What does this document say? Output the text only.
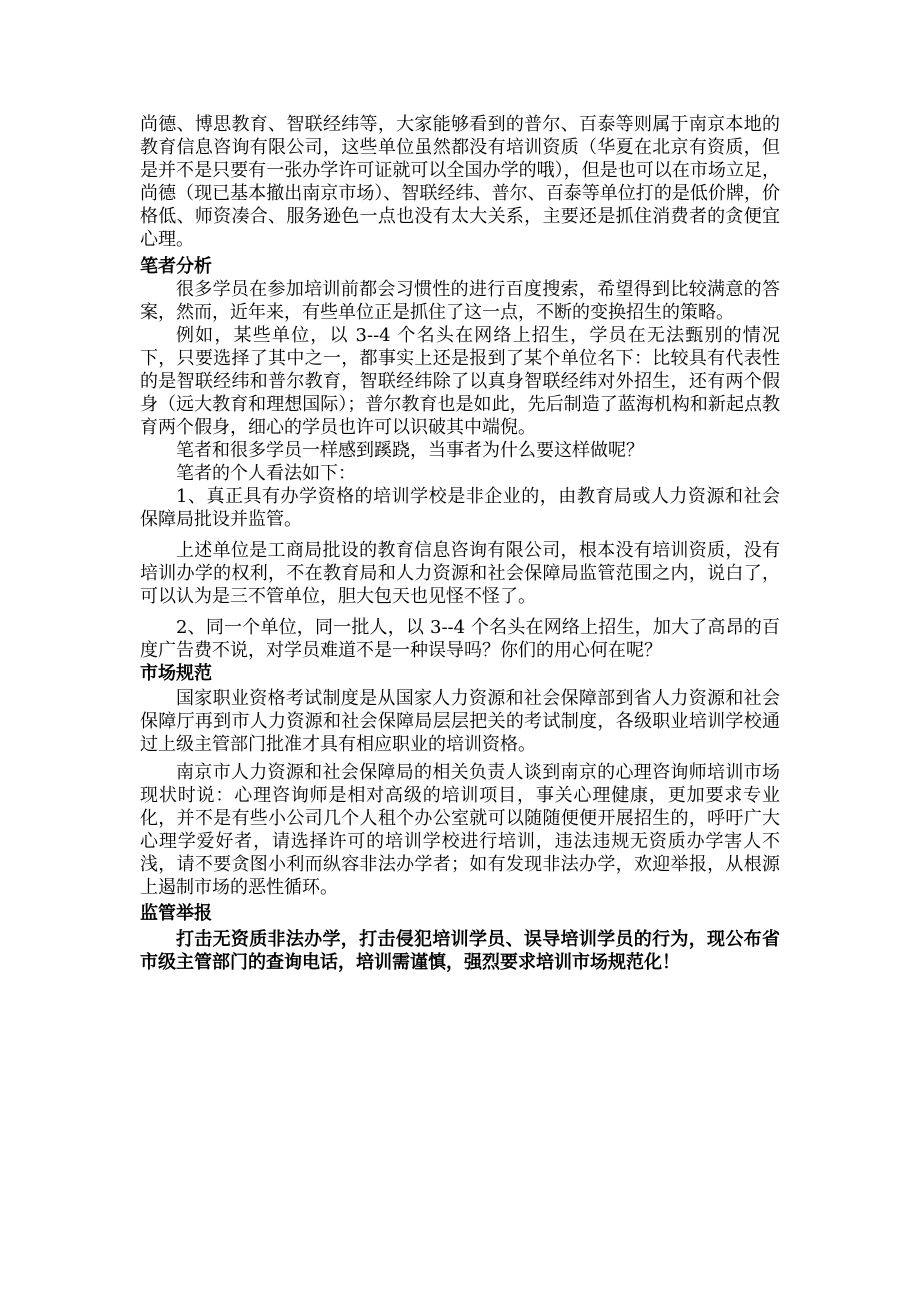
尚德、博思教育、智联经纬等，大家能够看到的普尔、百泰等则属于南京本地的教育信息咨询有限公司，这些单位虽然都没有培训资质（华夏在北京有资质，但是并不是只要有一张办学许可证就可以全国办学的哦），但是也可以在市场立足，尚德（现已基本撤出南京市场）、智联经纬、普尔、百泰等单位打的是低价牌，价格低、师资凑合、服务逊色一点也没有太大关系，主要还是抓住消费者的贪便宜心理。

笔者分析

很多学员在参加培训前都会习惯性的进行百度搜索，希望得到比较满意的答案，然而，近年来，有些单位正是抓住了这一点，不断的变换招生的策略。

例如，某些单位，以 3--4 个名头在网络上招生，学员在无法甄别的情况下，只要选择了其中之一，都事实上还是报到了某个单位名下：比较具有代表性的是智联经纬和普尔教育，智联经纬除了以真身智联经纬对外招生，还有两个假身（远大教育和理想国际）；普尔教育也是如此，先后制造了蓝海机构和新起点教育两个假身，细心的学员也许可以识破其中端倪。

笔者和很多学员一样感到蹊跷，当事者为什么要这样做呢？

笔者的个人看法如下：

1、真正具有办学资格的培训学校是非企业的，由教育局或人力资源和社会保障局批设并监管。

上述单位是工商局批设的教育信息咨询有限公司，根本没有培训资质，没有培训办学的权利，不在教育局和人力资源和社会保障局监管范围之内，说白了，可以认为是三不管单位，胆大包天也见怪不怪了。

2、同一个单位，同一批人，以 3--4 个名头在网络上招生，加大了高昂的百度广告费不说，对学员难道不是一种误导吗？你们的用心何在呢？

市场规范

国家职业资格考试制度是从国家人力资源和社会保障部到省人力资源和社会保障厅再到市人力资源和社会保障局层层把关的考试制度，各级职业培训学校通过上级主管部门批准才具有相应职业的培训资格。

南京市人力资源和社会保障局的相关负责人谈到南京的心理咨询师培训市场现状时说：心理咨询师是相对高级的培训项目，事关心理健康，更加要求专业化，并不是有些小公司几个人租个办公室就可以随随便便开展招生的，呼吁广大心理学爱好者，请选择许可的培训学校进行培训，违法违规无资质办学害人不浅，请不要贪图小利而纵容非法办学者；如有发现非法办学，欢迎举报，从根源上遏制市场的恶性循环。

监管举报

打击无资质非法办学，打击侵犯培训学员、误导培训学员的行为，现公布省市级主管部门的查询电话，培训需谨慎，强烈要求培训市场规范化！
